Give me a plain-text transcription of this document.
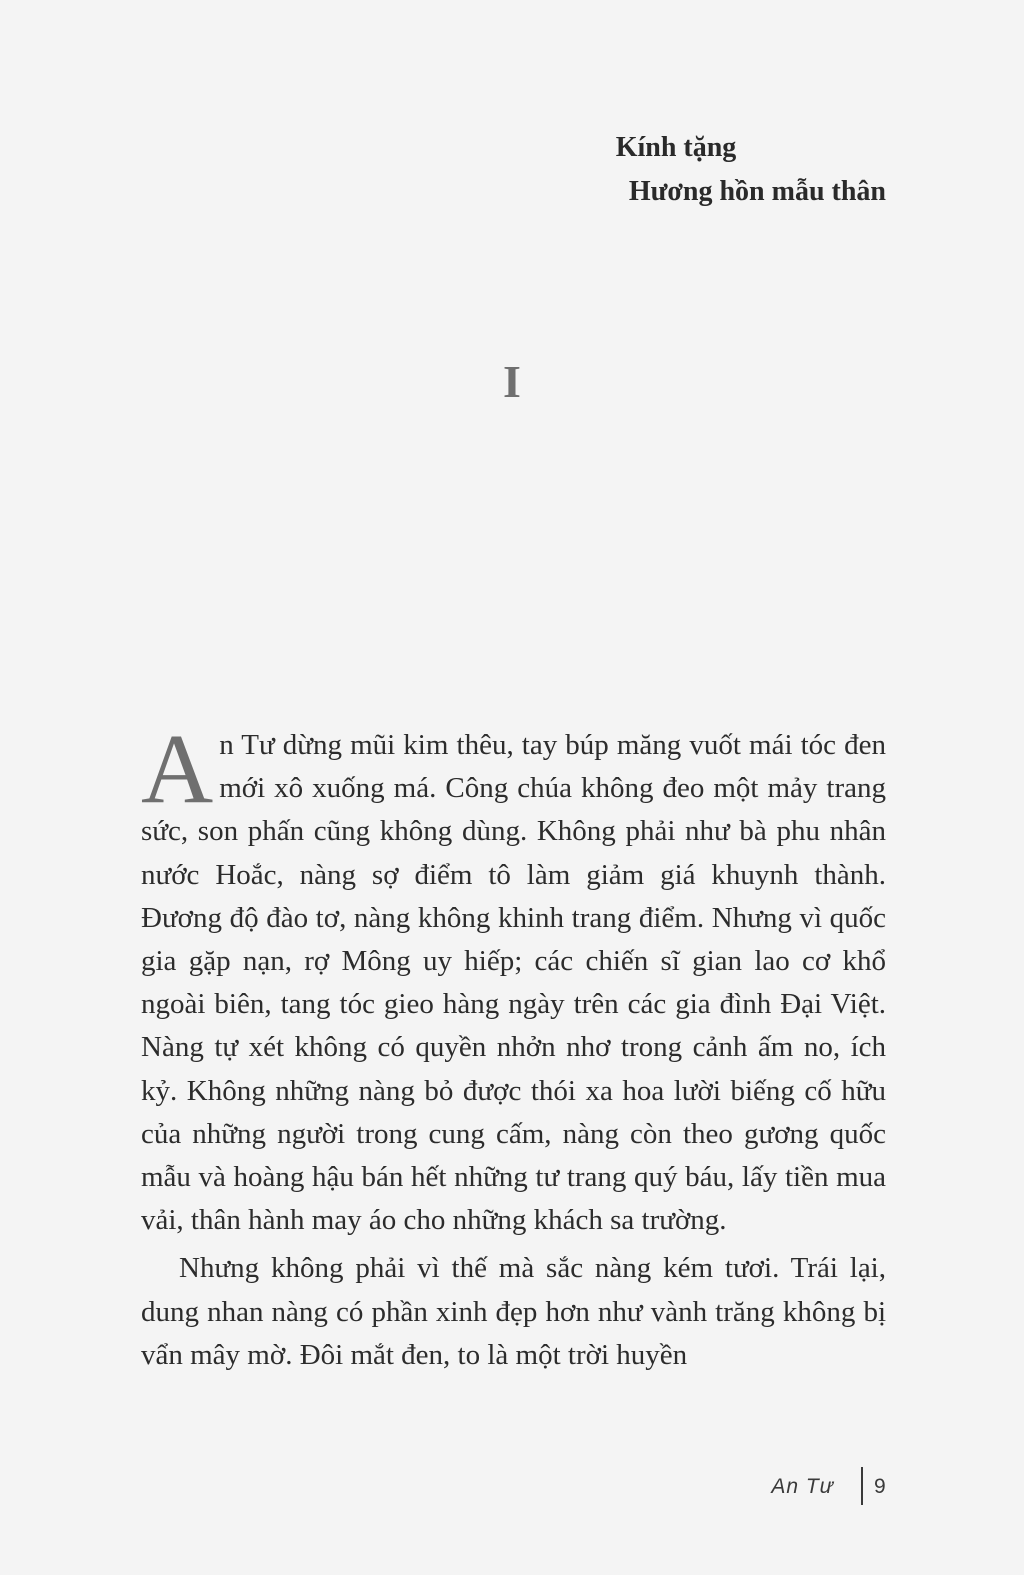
Kính tặng
Hương hồn mẫu thân
I

An Tư dừng mũi kim thêu, tay búp măng vuốt mái tóc đen mới xô xuống má. Công chúa không đeo một mảy trang sức, son phấn cũng không dùng. Không phải như bà phu nhân nước Hoắc, nàng sợ điểm tô làm giảm giá khuynh thành. Đương độ đào tơ, nàng không khinh trang điểm. Nhưng vì quốc gia gặp nạn, rợ Mông uy hiếp; các chiến sĩ gian lao cơ khổ ngoài biên, tang tóc gieo hàng ngày trên các gia đình Đại Việt. Nàng tự xét không có quyền nhởn nhơ trong cảnh ấm no, ích kỷ. Không những nàng bỏ được thói xa hoa lười biếng cố hữu của những người trong cung cấm, nàng còn theo gương quốc mẫu và hoàng hậu bán hết những tư trang quý báu, lấy tiền mua vải, thân hành may áo cho những khách sa trường.

Nhưng không phải vì thế mà sắc nàng kém tươi. Trái lại, dung nhan nàng có phần xinh đẹp hơn như vành trăng không bị vẩn mây mờ. Đôi mắt đen, to là một trời huyền

An Tư 9
